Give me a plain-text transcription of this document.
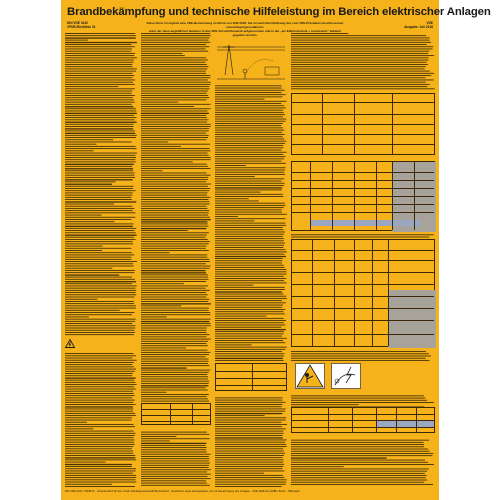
Brandbekämpfung und technische Hilfeleistung im Bereich elektrischer Anlagen
DIN VDE 0132
VFDB-Richtlinie 01
Diese Norm ist ergänzt eine VDE-Bestimmung im Sinne von VDE 0022. Sie ist nach Durchführung des vom VDE-Präsidium beschlossenen Genehmigungsverfahrens
unter der oben angeführten Nummer in das VDE-Vorschriftenwerk aufgenommen und in der „etz Elektrotechnik + Automation“ bekannt gegeben worden.
VDE
Ausgabe: Juli 2018
DIN VDE 0132 / VFDB 01 · Verantwortlich für den Inhalt: Arbeitsgemeinschaft Brandschutz · Nachdruck, auch auszugsweise, nur mit Genehmigung des Verlages · VDE VERLAG GMBH, Berlin · Offenbach
